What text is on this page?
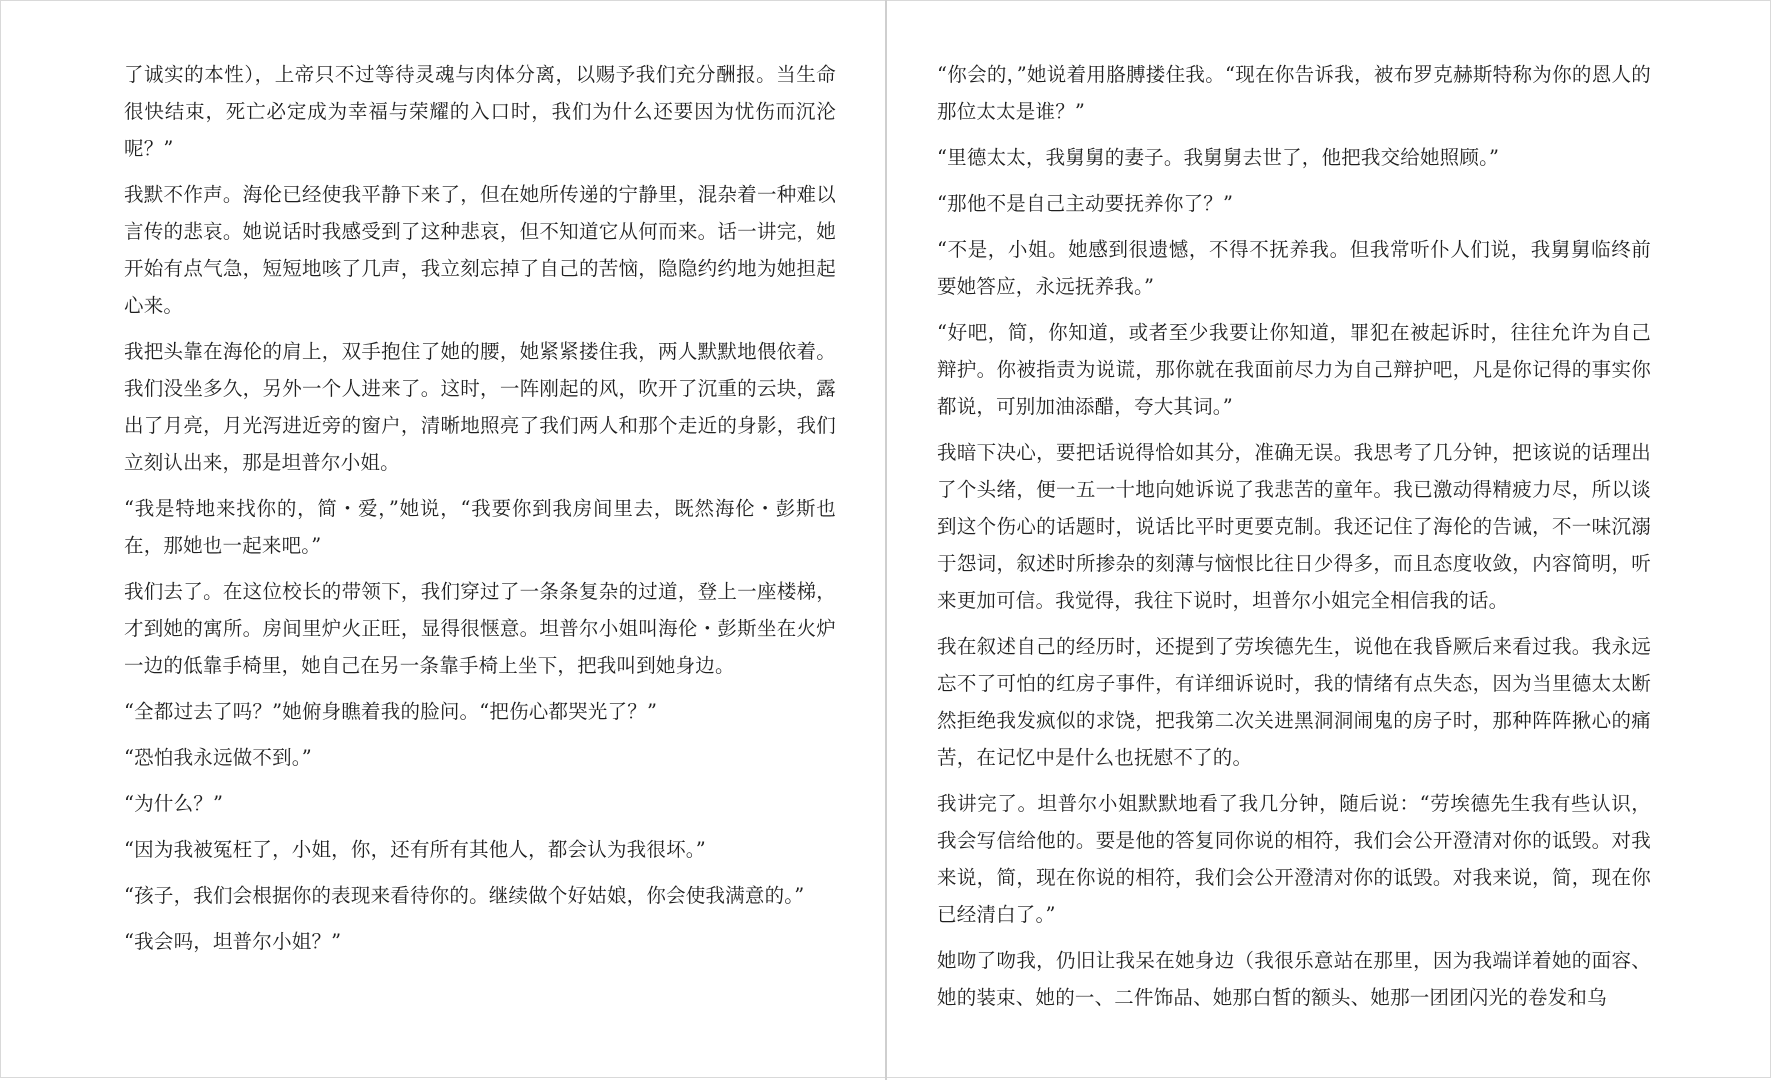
了诚实的本性），上帝只不过等待灵魂与肉体分离，以赐予我们充分酬报。当生命很快结束，死亡必定成为幸福与荣耀的入口时，我们为什么还要因为忧伤而沉沦呢？”

我默不作声。海伦已经使我平静下来了，但在她所传递的宁静里，混杂着一种难以言传的悲哀。她说话时我感受到了这种悲哀，但不知道它从何而来。话一讲完，她开始有点气急，短短地咳了几声，我立刻忘掉了自己的苦恼，隐隐约约地为她担起心来。

我把头靠在海伦的肩上，双手抱住了她的腰，她紧紧搂住我，两人默默地偎依着。我们没坐多久，另外一个人进来了。这时，一阵刚起的风，吹开了沉重的云块，露出了月亮，月光泻进近旁的窗户，清晰地照亮了我们两人和那个走近的身影，我们立刻认出来，那是坦普尔小姐。

“我是特地来找你的，简・爱，”她说，“我要你到我房间里去，既然海伦・彭斯也在，那她也一起来吧。”

我们去了。在这位校长的带领下，我们穿过了一条条复杂的过道，登上一座楼梯，才到她的寓所。房间里炉火正旺，显得很惬意。坦普尔小姐叫海伦・彭斯坐在火炉一边的低靠手椅里，她自己在另一条靠手椅上坐下，把我叫到她身边。

“全都过去了吗？”她俯身瞧着我的脸问。“把伤心都哭光了？”

“恐怕我永远做不到。”

“为什么？”

“因为我被冤枉了，小姐，你，还有所有其他人，都会认为我很坏。”

“孩子，我们会根据你的表现来看待你的。继续做个好姑娘，你会使我满意的。”

“我会吗，坦普尔小姐？”

“你会的，”她说着用胳膊搂住我。“现在你告诉我，被布罗克赫斯特称为你的恩人的那位太太是谁？”

“里德太太，我舅舅的妻子。我舅舅去世了，他把我交给她照顾。”

“那他不是自己主动要抚养你了？”

“不是，小姐。她感到很遗憾，不得不抚养我。但我常听仆人们说，我舅舅临终前要她答应，永远抚养我。”

“好吧，简，你知道，或者至少我要让你知道，罪犯在被起诉时，往往允许为自己辩护。你被指责为说谎，那你就在我面前尽力为自己辩护吧，凡是你记得的事实你都说，可别加油添醋，夸大其词。”

我暗下决心，要把话说得恰如其分，准确无误。我思考了几分钟，把该说的话理出了个头绪，便一五一十地向她诉说了我悲苦的童年。我已激动得精疲力尽，所以谈到这个伤心的话题时，说话比平时更要克制。我还记住了海伦的告诫，不一味沉溺于怨词，叙述时所掺杂的刻薄与恼恨比往日少得多，而且态度收敛，内容简明，听来更加可信。我觉得，我往下说时，坦普尔小姐完全相信我的话。

我在叙述自己的经历时，还提到了劳埃德先生，说他在我昏厥后来看过我。我永远忘不了可怕的红房子事件，有详细诉说时，我的情绪有点失态，因为当里德太太断然拒绝我发疯似的求饶，把我第二次关进黑洞洞闹鬼的房子时，那种阵阵揪心的痛苦，在记忆中是什么也抚慰不了的。

我讲完了。坦普尔小姐默默地看了我几分钟，随后说：“劳埃德先生我有些认识，我会写信给他的。要是他的答复同你说的相符，我们会公开澄清对你的诋毁。对我来说，简，现在你说的相符，我们会公开澄清对你的诋毁。对我来说，简，现在你已经清白了。”

她吻了吻我，仍旧让我呆在她身边（我很乐意站在那里，因为我端详着她的面容、她的装束、她的一、二件饰品、她那白皙的额头、她那一团团闪光的卷发和乌
